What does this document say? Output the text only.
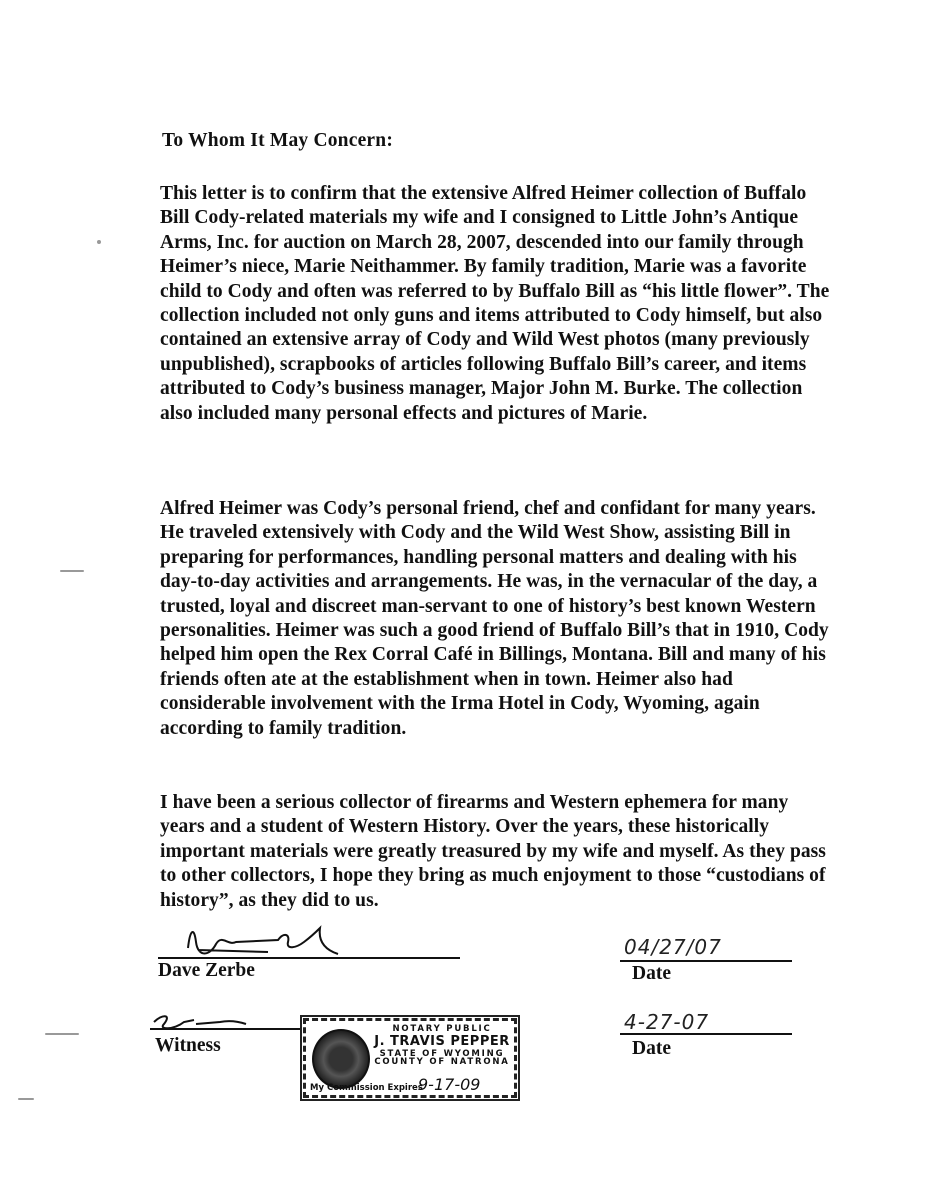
To Whom It May Concern:

This letter is to confirm that the extensive Alfred Heimer collection of Buffalo Bill Cody-related materials my wife and I consigned to Little John’s Antique Arms, Inc. for auction on March 28, 2007, descended into our family through Heimer’s niece, Marie Neithammer. By family tradition, Marie was a favorite child to Cody and often was referred to by Buffalo Bill as “his little flower”. The collection included not only guns and items attributed to Cody himself, but also contained an extensive array of Cody and Wild West photos (many previously unpublished), scrapbooks of articles following Buffalo Bill’s career, and items attributed to Cody’s business manager, Major John M. Burke. The collection also included many personal effects and pictures of Marie.

Alfred Heimer was Cody’s personal friend, chef and confidant for many years. He traveled extensively with Cody and the Wild West Show, assisting Bill in preparing for performances, handling personal matters and dealing with his day-to-day activities and arrangements. He was, in the vernacular of the day, a trusted, loyal and discreet man-servant to one of history’s best known Western personalities. Heimer was such a good friend of Buffalo Bill’s that in 1910, Cody helped him open the Rex Corral Café in Billings, Montana. Bill and many of his friends often ate at the establishment when in town. Heimer also had considerable involvement with the Irma Hotel in Cody, Wyoming, again according to family tradition.

I have been a serious collector of firearms and Western ephemera for many years and a student of Western History. Over the years, these historically important materials were greatly treasured by my wife and myself. As they pass to other collectors, I hope they bring as much enjoyment to those “custodians of history”, as they did to us.

Dave Zerbe

04/27/07

Date

Witness

4-27-07

Date

NOTARY PUBLIC
J. TRAVIS PEPPER
STATE OF WYOMING
COUNTY OF NATRONA
My Commission Expires
9-17-09
